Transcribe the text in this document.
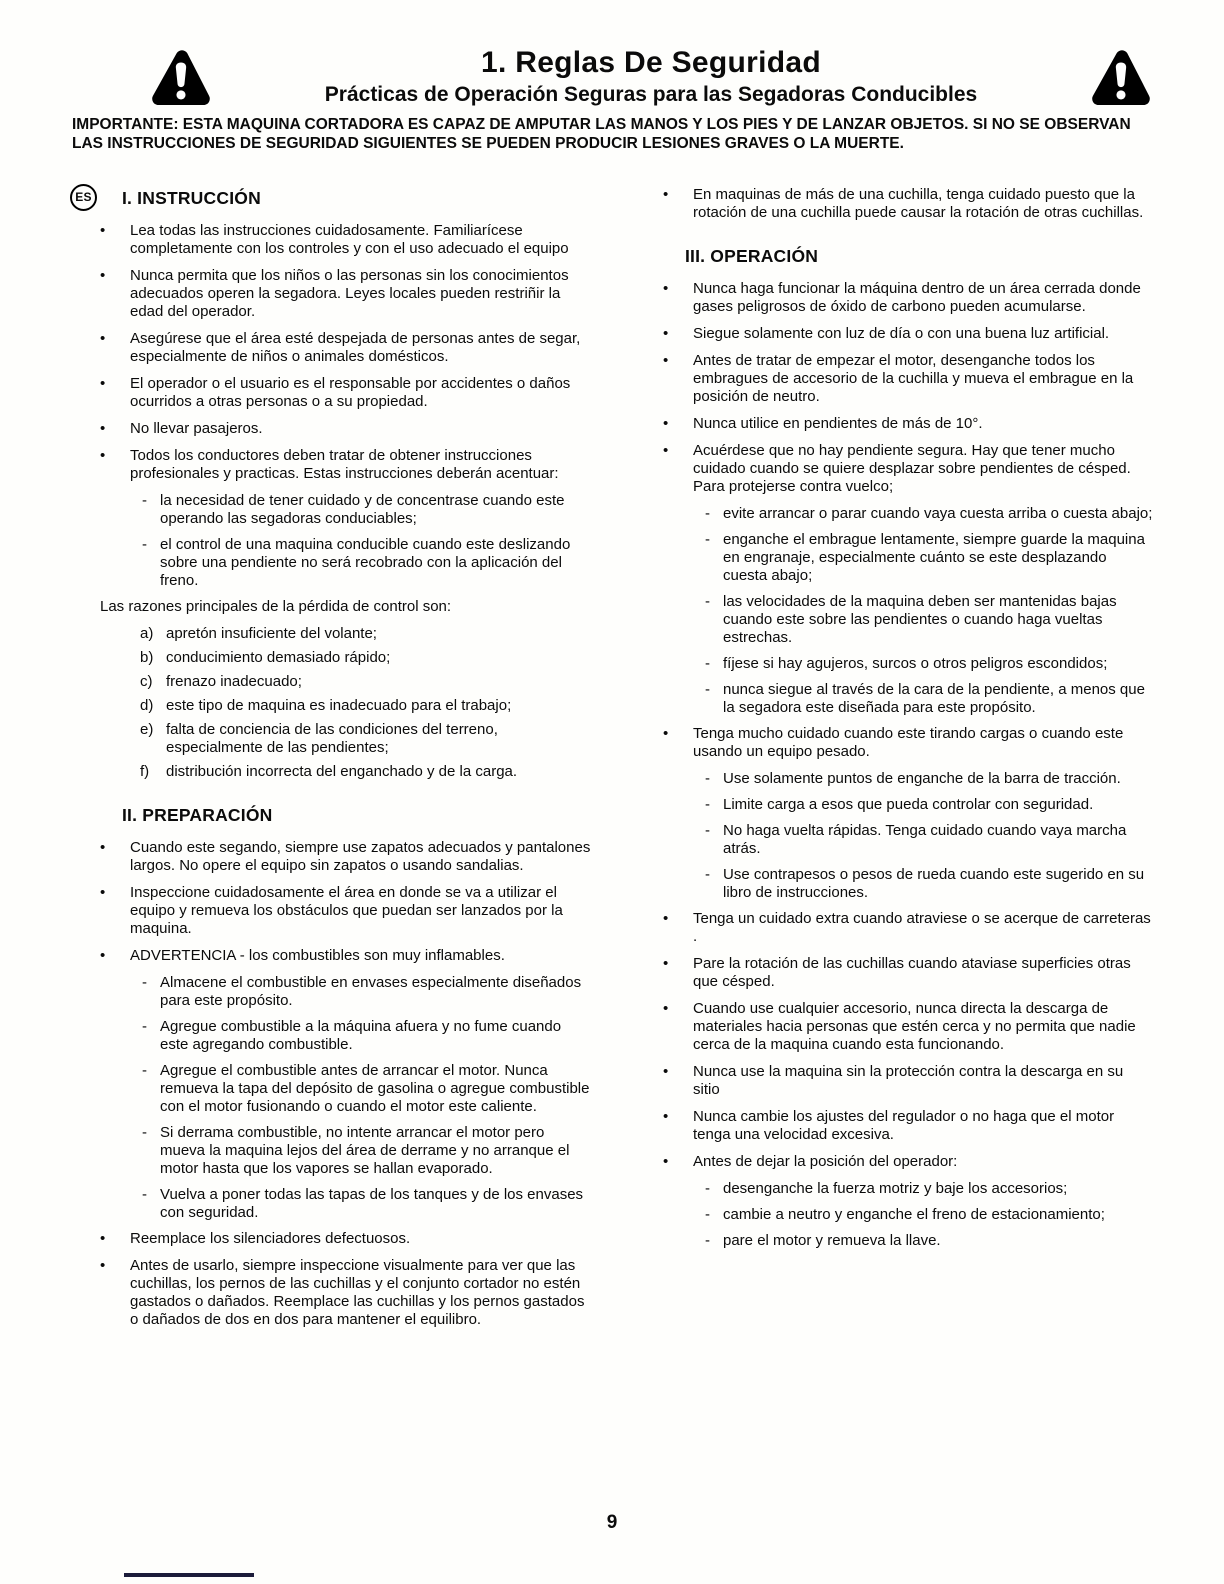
1. Reglas De Seguridad
Prácticas de Operación Seguras para las Segadoras Conducibles

IMPORTANTE: ESTA MAQUINA CORTADORA ES CAPAZ DE AMPUTAR LAS MANOS Y LOS PIES Y DE LANZAR OBJETOS. SI NO SE OBSERVAN LAS INSTRUCCIONES DE SEGURIDAD SIGUIENTES SE PUEDEN PRODUCIR LESIONES GRAVES O LA MUERTE.

ES	I. INSTRUCCIÓN
•	Lea todas las instrucciones cuidadosamente. Familiarícese completamente con los controles y con el uso adecuado el equipo
•	Nunca permita que los niños o las personas sin los conocimientos adecuados operen la segadora. Leyes locales pueden restriñir la edad del operador.
•	Asegúrese que el área esté despejada de personas antes de segar, especialmente de niños o animales domésticos.
•	El operador o el usuario es el responsable por accidentes o daños ocurridos a otras personas o a su propiedad.
•	No llevar pasajeros.
•	Todos los conductores deben tratar de obtener instrucciones profesionales y practicas. Estas instrucciones deberán acentuar:
- la necesidad de tener cuidado y de concentrase cuando este operando las segadoras conduciables;
- el control de una maquina conducible cuando este deslizando sobre una pendiente no será recobrado con la aplicación del freno.
Las razones principales de la pérdida de control son:
a) apretón insuficiente del volante;
b) conducimiento demasiado rápido;
c) frenazo inadecuado;
d) este tipo de maquina es inadecuado para el trabajo;
e) falta de conciencia de las condiciones del terreno, especialmente de las pendientes;
f)	distribución incorrecta del enganchado y de la carga.
II. PREPARACIÓN
•	Cuando este segando, siempre use zapatos adecuados y pantalones largos. No opere el equipo sin zapatos o usando sandalias.
•	Inspeccione cuidadosamente el área en donde se va a utilizar el equipo y remueva los obstáculos que puedan ser lanzados por la maquina.
•	ADVERTENCIA - los combustibles son muy inflamables.
- Almacene el combustible en envases especialmente diseñados para este propósito.
- Agregue combustible a la máquina afuera y no fume cuando este agregando combustible.
- Agregue el combustible antes de arrancar el motor. Nunca remueva la tapa del depósito de gasolina o agregue combustible con el motor fusionando o cuando el motor este caliente.
- Si derrama combustible, no intente arrancar el motor pero mueva la maquina lejos del área de derrame y no arranque el motor hasta que los vapores se hallan evaporado.
- Vuelva a poner todas las tapas de los tanques y de los envases con seguridad.
•	Reemplace los silenciadores defectuosos.
•	Antes de usarlo, siempre inspeccione visualmente para ver que las cuchillas, los pernos de las cuchillas y el conjunto cortador no estén gastados o dañados. Reemplace las cuchillas y los pernos gastados o dañados de dos en dos para mantener el equilibro.
•	En maquinas de más de una cuchilla, tenga cuidado puesto que la rotación de una cuchilla puede causar la rotación de otras cuchillas.
III. OPERACIÓN
•	Nunca haga funcionar la máquina dentro de un área cerrada donde gases peligrosos de óxido de carbono pueden acumularse.
•	Siegue solamente con luz de día o con una buena luz artificial.
•	Antes de tratar de empezar el motor, desenganche todos los embragues de accesorio de la cuchilla y mueva el embrague en la posición de neutro.
•	Nunca utilice en pendientes de más de 10°.
•	Acuérdese que no hay pendiente segura. Hay que tener mucho cuidado cuando se quiere desplazar sobre pendientes de césped. Para protejerse contra vuelco;
- evite arrancar o parar cuando vaya cuesta arriba o cuesta abajo;
- enganche el embrague lentamente, siempre guarde la maquina en engranaje, especialmente cuánto se este desplazando cuesta abajo;
- las velocidades de la maquina deben ser mantenidas bajas cuando este sobre las pendientes o cuando haga vueltas estrechas.
- fíjese si hay agujeros, surcos o otros peligros escondidos;
- nunca siegue al través de la cara de la pendiente, a menos que la segadora este diseñada para este propósito.
•	Tenga mucho cuidado cuando este tirando cargas o cuando este usando un equipo pesado.
- Use solamente puntos de enganche de la barra de tracción.
- Limite carga a esos que pueda controlar con seguridad.
- No haga vuelta rápidas. Tenga cuidado cuando vaya marcha atrás.
- Use contrapesos o pesos de rueda cuando este sugerido en su libro de instrucciones.
•	Tenga un cuidado extra cuando atraviese o se acerque de carreteras .
•	Pare la rotación de las cuchillas cuando ataviase superficies otras que césped.
•	Cuando use cualquier accesorio, nunca directa la descarga de materiales hacia personas que estén cerca y no permita que nadie cerca de la maquina cuando esta funcionando.
•	Nunca use la maquina sin la protección contra la descarga en su sitio
•	Nunca cambie los ajustes del regulador o no haga que el motor tenga una velocidad excesiva.
•	Antes de dejar la posición del operador:
- desenganche la fuerza motriz y baje los accesorios;
- cambie a neutro y enganche el freno de estacionamiento;
- pare el motor y remueva la llave.
9
